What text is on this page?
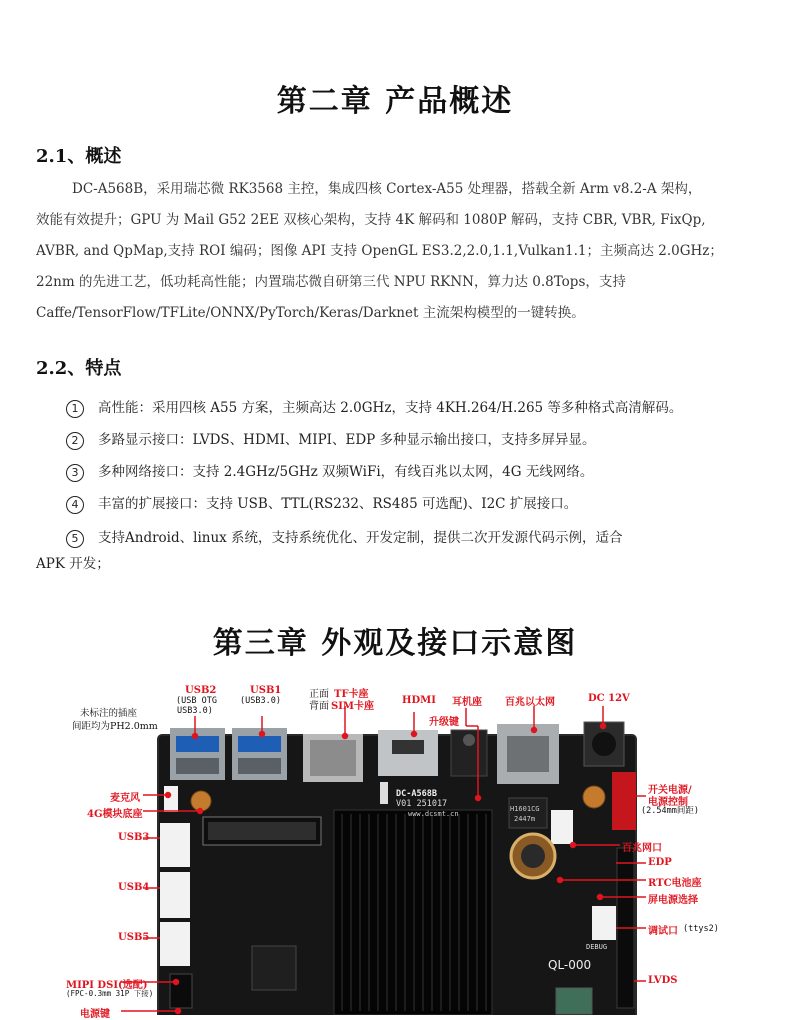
第二章 产品概述
2.1、概述
DC-A568B，采用瑞芯微 RK3568 主控，集成四核 Cortex-A55 处理器，搭载全新 Arm v8.2-A 架构，
效能有效提升；GPU 为 Mail G52 2EE 双核心架构，支持 4K 解码和 1080P 解码，支持 CBR, VBR, FixQp,
AVBR, and QpMap,支持 ROI 编码；图像 API 支持 OpenGL ES3.2,2.0,1.1,Vulkan1.1；主频高达 2.0GHz；
22nm 的先进工艺，低功耗高性能；内置瑞芯微自研第三代 NPU RKNN，算力达 0.8Tops，支持
Caffe/TensorFlow/TFLite/ONNX/PyTorch/Keras/Darknet 主流架构模型的一键转换。
2.2、特点
1 高性能：采用四核 A55 方案，主频高达 2.0GHz，支持 4KH.264/H.265 等多种格式高清解码。
2 多路显示接口：LVDS、HDMI、MIPI、EDP 多种显示输出接口，支持多屏异显。
3 多种网络接口：支持 2.4GHz/5GHz 双频WiFi，有线百兆以太网，4G 无线网络。
4 丰富的扩展接口：支持 USB、TTL(RS232、RS485 可选配)、I2C 扩展接口。
5 支持Android、linux 系统，支持系统优化、开发定制，提供二次开发源代码示例，适合
APK 开发；
第三章 外观及接口示意图
DC-A568B
V01 251017
www.dcsmt.cn
H1601CG
2447m
DEBUG
QL-000
未标注的插座
间距均为PH2.0mm
USB2
(USB OTG
USB3.0)
USB1
(USB3.0)
正面
背面
TF卡座
SIM卡座
HDMI 耳机座
升级键
百兆以太网	DC 12V
麦克风
4G模块底座
USB3
USB4
USB5
MIPI DSI(选配)
(FPC-0.3mm 31P 下接)
电源键
开关电源/
电源控制
(2.54mm间距)
百兆网口
EDP
RTC电池座
屏电源选择
调试口 (ttys2)
LVDS
